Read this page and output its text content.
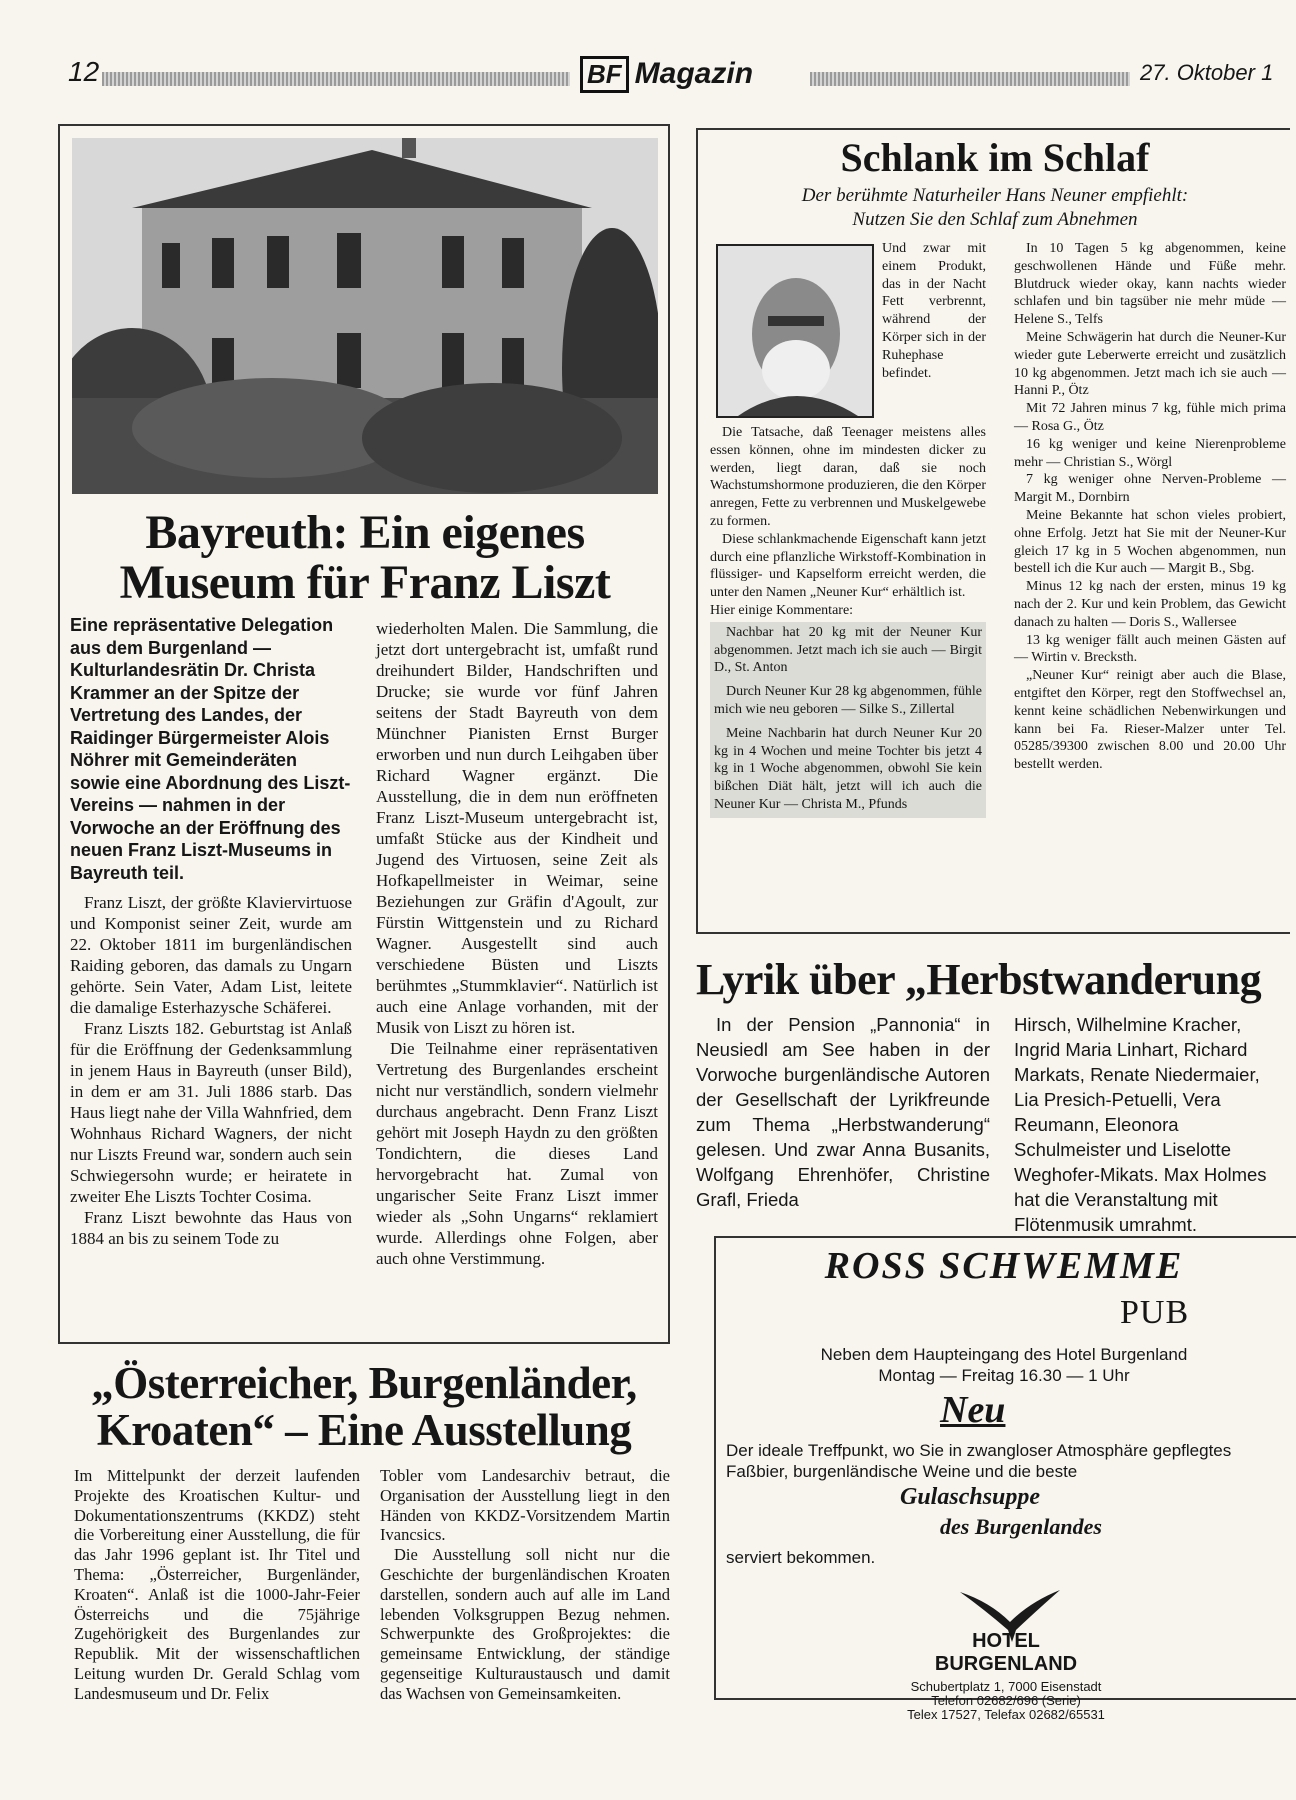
12	BF Magazin	27. Oktober 1
Bayreuth: Ein eigenes
Museum für Franz Liszt
Eine repräsentative Delegation aus dem Burgenland — Kulturlandesrätin Dr. Christa Krammer an der Spitze der Vertretung des Landes, der Raidinger Bürgermeister Alois Nöhrer mit Gemeinderäten sowie eine Abordnung des Liszt-Vereins — nahmen in der Vorwoche an der Eröffnung des neuen Franz Liszt-Museums in Bayreuth teil.

Franz Liszt, der größte Klaviervirtuose und Komponist seiner Zeit, wurde am 22. Oktober 1811 im burgenländischen Raiding geboren, das damals zu Ungarn gehörte. Sein Vater, Adam List, leitete die damalige Esterhazysche Schäferei.

Franz Liszts 182. Geburtstag ist Anlaß für die Eröffnung der Gedenksammlung in jenem Haus in Bayreuth (unser Bild), in dem er am 31. Juli 1886 starb. Das Haus liegt nahe der Villa Wahnfried, dem Wohnhaus Richard Wagners, der nicht nur Liszts Freund war, sondern auch sein Schwiegersohn wurde; er heiratete in zweiter Ehe Liszts Tochter Cosima.

Franz Liszt bewohnte das Haus von 1884 an bis zu seinem Tode zu

wiederholten Malen. Die Sammlung, die jetzt dort untergebracht ist, umfaßt rund dreihundert Bilder, Handschriften und Drucke; sie wurde vor fünf Jahren seitens der Stadt Bayreuth von dem Münchner Pianisten Ernst Burger erworben und nun durch Leihgaben über Richard Wagner ergänzt. Die Ausstellung, die in dem nun eröffneten Franz Liszt-Museum untergebracht ist, umfaßt Stücke aus der Kindheit und Jugend des Virtuosen, seine Zeit als Hofkapellmeister in Weimar, seine Beziehungen zur Gräfin d'Agoult, zur Fürstin Wittgenstein und zu Richard Wagner. Ausgestellt sind auch verschiedene Büsten und Liszts berühmtes „Stummklavier“. Natürlich ist auch eine Anlage vorhanden, mit der Musik von Liszt zu hören ist.

Die Teilnahme einer repräsentativen Vertretung des Burgenlandes erscheint nicht nur verständlich, sondern vielmehr durchaus angebracht. Denn Franz Liszt gehört mit Joseph Haydn zu den größten Tondichtern, die dieses Land hervorgebracht hat. Zumal von ungarischer Seite Franz Liszt immer wieder als „Sohn Ungarns“ reklamiert wurde. Allerdings ohne Folgen, aber auch ohne Verstimmung.

„Österreicher, Burgenländer,
Kroaten“ – Eine Ausstellung

Im Mittelpunkt der derzeit laufenden Projekte des Kroatischen Kultur- und Dokumentationszentrums (KKDZ) steht die Vorbereitung einer Ausstellung, die für das Jahr 1996 geplant ist. Ihr Titel und Thema: „Österreicher, Burgenländer, Kroaten“. Anlaß ist die 1000-Jahr-Feier Österreichs und die 75jährige Zugehörigkeit des Burgenlandes zur Republik. Mit der wissenschaftlichen Leitung wurden Dr. Gerald Schlag vom Landesmuseum und Dr. Felix

Tobler vom Landesarchiv betraut, die Organisation der Ausstellung liegt in den Händen von KKDZ-Vorsitzendem Martin Ivancsics.

Die Ausstellung soll nicht nur die Geschichte der burgenländischen Kroaten darstellen, sondern auch auf alle im Land lebenden Volksgruppen Bezug nehmen. Schwerpunkte des Großprojektes: die gemeinsame Entwicklung, der ständige gegenseitige Kulturaustausch und damit das Wachsen von Gemeinsamkeiten.

Schlank im Schlaf
Der berühmte Naturheiler Hans Neuner empfiehlt:
Nutzen Sie den Schlaf zum Abnehmen

Und zwar mit einem Produkt, das in der Nacht Fett verbrennt, während der Körper sich in der Ruhephase befindet.

Die Tatsache, daß Teenager meistens alles essen können, ohne im mindesten dicker zu werden, liegt daran, daß sie noch Wachstumshormone produzieren, die den Körper anregen, Fette zu verbrennen und Muskelgewebe zu formen.

Diese schlankmachende Eigenschaft kann jetzt durch eine pflanzliche Wirkstoff-Kombination in flüssiger- und Kapselform erreicht werden, die unter den Namen „Neuner Kur“ erhältlich ist.

Hier einige Kommentare:

Nachbar hat 20 kg mit der Neuner Kur abgenommen. Jetzt mach ich sie auch — Birgit D., St. Anton

Durch Neuner Kur 28 kg abgenommen, fühle mich wie neu geboren — Silke S., Zillertal

Meine Nachbarin hat durch Neuner Kur 20 kg in 4 Wochen und meine Tochter bis jetzt 4 kg in 1 Woche abgenommen, obwohl Sie kein bißchen Diät hält, jetzt will ich auch die Neuner Kur — Christa M., Pfunds

In 10 Tagen 5 kg abgenommen, keine geschwollenen Hände und Füße mehr. Blutdruck wieder okay, kann nachts wieder schlafen und bin tagsüber nie mehr müde — Helene S., Telfs

Meine Schwägerin hat durch die Neuner-Kur wieder gute Leberwerte erreicht und zusätzlich 10 kg abgenommen. Jetzt mach ich sie auch — Hanni P., Ötz

Mit 72 Jahren minus 7 kg, fühle mich prima — Rosa G., Ötz

16 kg weniger und keine Nierenprobleme mehr — Christian S., Wörgl

7 kg weniger ohne Nerven-Probleme — Margit M., Dornbirn

Meine Bekannte hat schon vieles probiert, ohne Erfolg. Jetzt hat Sie mit der Neuner-Kur gleich 17 kg in 5 Wochen abgenommen, nun bestell ich die Kur auch — Margit B., Sbg.

Minus 12 kg nach der ersten, minus 19 kg nach der 2. Kur und kein Problem, das Gewicht danach zu halten — Doris S., Wallersee

13 kg weniger fällt auch meinen Gästen auf — Wirtin v. Brecksth.

„Neuner Kur“ reinigt aber auch die Blase, entgiftet den Körper, regt den Stoffwechsel an, kennt keine schädlichen Nebenwirkungen und kann bei Fa. Rieser-Malzer unter Tel. 05285/39300 zwischen 8.00 und 20.00 Uhr bestellt werden.

Lyrik über „Herbstwanderung

In der Pension „Pannonia“ in Neusiedl am See haben in der Vorwoche burgenländische Autoren der Gesellschaft der Lyrikfreunde zum Thema „Herbstwanderung“ gelesen. Und zwar Anna Busanits, Wolfgang Ehrenhöfer, Christine Grafl, Frieda

Hirsch, Wilhelmine Kracher, Ingrid Maria Linhart, Richard Markats, Renate Niedermaier, Lia Presich-Petuelli, Vera Reumann, Eleonora Schulmeister und Liselotte Weghofer-Mikats. Max Holmes hat die Veranstaltung mit Flötenmusik umrahmt.

ROSS SCHWEMME
PUB
Neben dem Haupteingang des Hotel Burgenland
Montag — Freitag 16.30 — 1 Uhr
Neu
Der ideale Treffpunkt, wo Sie in zwangloser Atmosphäre gepflegtes Faßbier, burgenländische Weine und die beste
Gulaschsuppe
des Burgenlandes
serviert bekommen.
HOTEL
BURGENLAND
Schubertplatz 1, 7000 Eisenstadt
Telefon 02682/696 (Serie)
Telex 17527, Telefax 02682/65531
